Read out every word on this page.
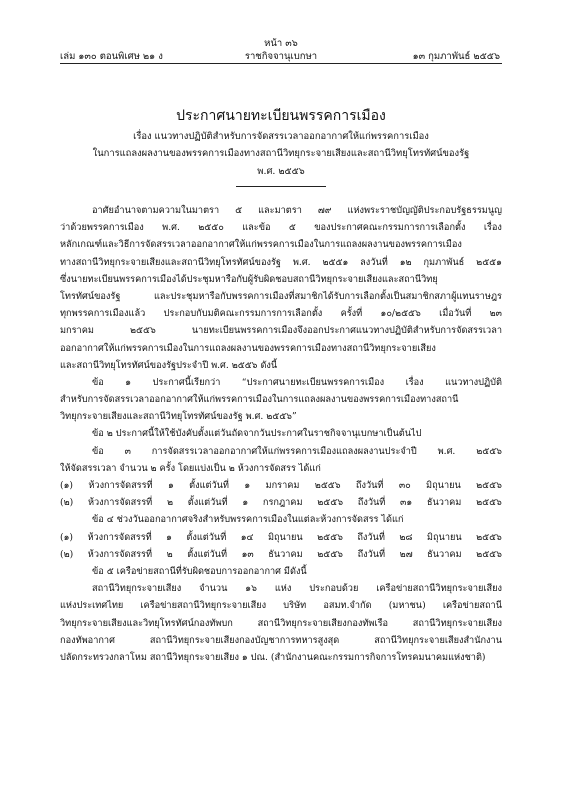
หน้า ๓๖
ราชกิจจานุเบกษา
เล่ม ๑๓๐ ตอนพิเศษ ๒๑ ง	๑๓ กุมภาพันธ์ ๒๕๕๖
ประกาศนายทะเบียนพรรคการเมือง
เรื่อง แนวทางปฏิบัติสำหรับการจัดสรรเวลาออกอากาศให้แก่พรรคการเมือง
ในการแถลงผลงานของพรรคการเมืองทางสถานีวิทยุกระจายเสียงและสถานีวิทยุโทรทัศน์ของรัฐ
พ.ศ. ๒๕๕๖
อาศัยอำนาจตามความในมาตรา ๕ และมาตรา ๗๙ แห่งพระราชบัญญัติประกอบรัฐธรรมนูญ
ว่าด้วยพรรคการเมือง พ.ศ. ๒๕๕๐ และข้อ ๕ ของประกาศคณะกรรมการการเลือกตั้ง เรื่อง
หลักเกณฑ์และวิธีการจัดสรรเวลาออกอากาศให้แก่พรรคการเมืองในการแถลงผลงานของพรรคการเมือง
ทางสถานีวิทยุกระจายเสียงและสถานีวิทยุโทรทัศน์ของรัฐ พ.ศ. ๒๕๕๑ ลงวันที่ ๑๒ กุมภาพันธ์ ๒๕๕๑
ซึ่งนายทะเบียนพรรคการเมืองได้ประชุมหารือกับผู้รับผิดชอบสถานีวิทยุกระจายเสียงและสถานีวิทยุ
โทรทัศน์ของรัฐ	และประชุมหารือกับพรรคการเมืองที่สมาชิกได้รับการเลือกตั้งเป็นสมาชิกสภาผู้แทนราษฎร
ทุกพรรคการเมืองแล้ว ประกอบกับมติคณะกรรมการการเลือกตั้ง ครั้งที่ ๑๐/๒๕๕๖ เมื่อวันที่ ๒๓
มกราคม	๒๕๕๖	นายทะเบียนพรรคการเมืองจึงออกประกาศแนวทางปฏิบัติสำหรับการจัดสรรเวลา
ออกอากาศให้แก่พรรคการเมืองในการแถลงผลงานของพรรคการเมืองทางสถานีวิทยุกระจายเสียง
และสถานีวิทยุโทรทัศน์ของรัฐประจำปี พ.ศ. ๒๕๕๖ ดังนี้
ข้อ ๑ ประกาศนี้เรียกว่า “ประกาศนายทะเบียนพรรคการเมือง เรื่อง แนวทางปฏิบัติ
สำหรับการจัดสรรเวลาออกอากาศให้แก่พรรคการเมืองในการแถลงผลงานของพรรคการเมืองทางสถานี
วิทยุกระจายเสียงและสถานีวิทยุโทรทัศน์ของรัฐ พ.ศ. ๒๕๕๖”
ข้อ ๒ ประกาศนี้ให้ใช้บังคับตั้งแต่วันถัดจากวันประกาศในราชกิจจานุเบกษาเป็นต้นไป
ข้อ ๓ การจัดสรรเวลาออกอากาศให้แก่พรรคการเมืองแถลงผลงานประจำปี พ.ศ. ๒๕๕๖
ให้จัดสรรเวลา จำนวน ๒ ครั้ง โดยแบ่งเป็น ๒ ห้วงการจัดสรร ได้แก่
(๑) ห้วงการจัดสรรที่ ๑ ตั้งแต่วันที่ ๑ มกราคม ๒๕๕๖ ถึงวันที่ ๓๐ มิถุนายน ๒๕๕๖
(๒) ห้วงการจัดสรรที่ ๒ ตั้งแต่วันที่ ๑ กรกฎาคม ๒๕๕๖ ถึงวันที่ ๓๑ ธันวาคม ๒๕๕๖
ข้อ ๔ ช่วงวันออกอากาศจริงสำหรับพรรคการเมืองในแต่ละห้วงการจัดสรร ได้แก่
(๑) ห้วงการจัดสรรที่ ๑ ตั้งแต่วันที่ ๑๔ มิถุนายน ๒๕๕๖ ถึงวันที่ ๒๘ มิถุนายน ๒๕๕๖
(๒) ห้วงการจัดสรรที่ ๒ ตั้งแต่วันที่ ๑๓ ธันวาคม ๒๕๕๖ ถึงวันที่ ๒๗ ธันวาคม ๒๕๕๖
ข้อ ๕ เครือข่ายสถานีที่รับผิดชอบการออกอากาศ มีดังนี้
สถานีวิทยุกระจายเสียง จำนวน ๑๖ แห่ง ประกอบด้วย เครือข่ายสถานีวิทยุกระจายเสียง
แห่งประเทศไทย เครือข่ายสถานีวิทยุกระจายเสียง บริษัท อสมท.จำกัด (มหาชน) เครือข่ายสถานี
วิทยุกระจายเสียงและวิทยุโทรทัศน์กองทัพบก	สถานีวิทยุกระจายเสียงกองทัพเรือ	สถานีวิทยุกระจายเสียง
กองทัพอากาศ	สถานีวิทยุกระจายเสียงกองบัญชาการทหารสูงสุด	สถานีวิทยุกระจายเสียงสำนักงาน
ปลัดกระทรวงกลาโหม สถานีวิทยุกระจายเสียง ๑ ปณ. (สำนักงานคณะกรรมการกิจการโทรคมนาคมแห่งชาติ)
